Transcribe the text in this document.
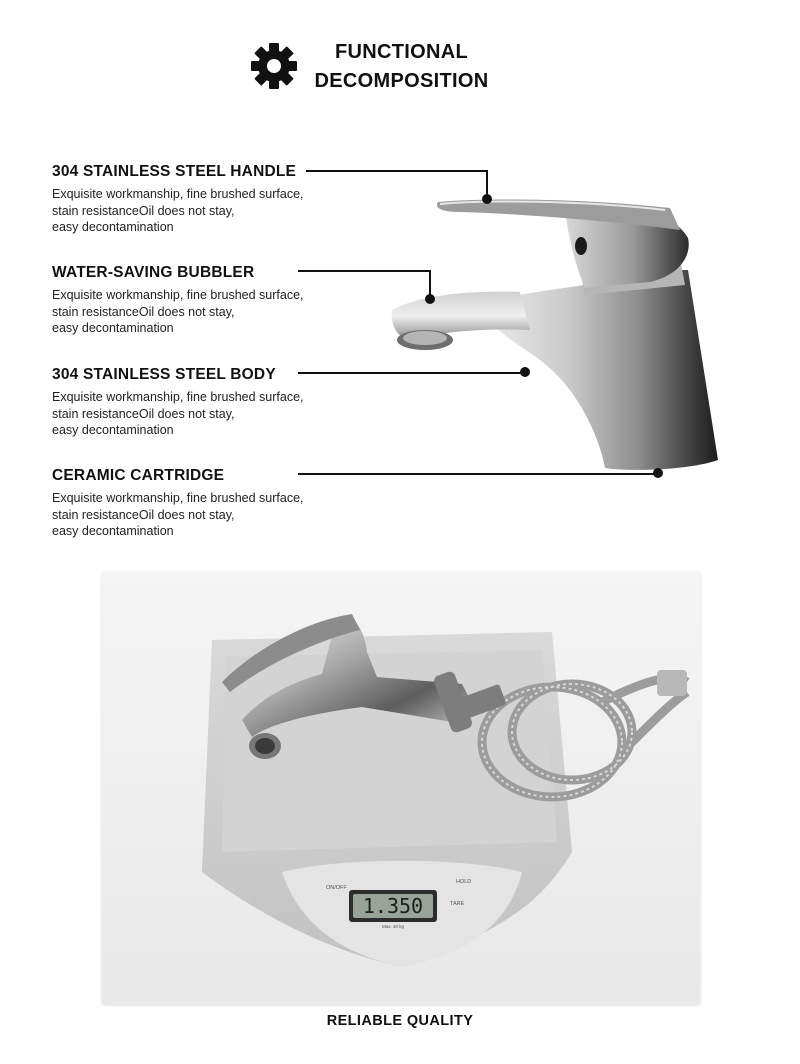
FUNCTIONAL
DECOMPOSITION
304 STAINLESS STEEL HANDLE

Exquisite workmanship, fine brushed surface,
stain resistanceOil does not stay,
easy decontamination

WATER-SAVING BUBBLER

Exquisite workmanship, fine brushed surface,
stain resistanceOil does not stay,
easy decontamination

304 STAINLESS STEEL BODY

Exquisite workmanship, fine brushed surface,
stain resistanceOil does not stay,
easy decontamination

CERAMIC CARTRIDGE

Exquisite workmanship, fine brushed surface,
stain resistanceOil does not stay,
easy decontamination

1.350
ON/OFF
HOLD
TARE
Max. 40 kg
RELIABLE QUALITY
